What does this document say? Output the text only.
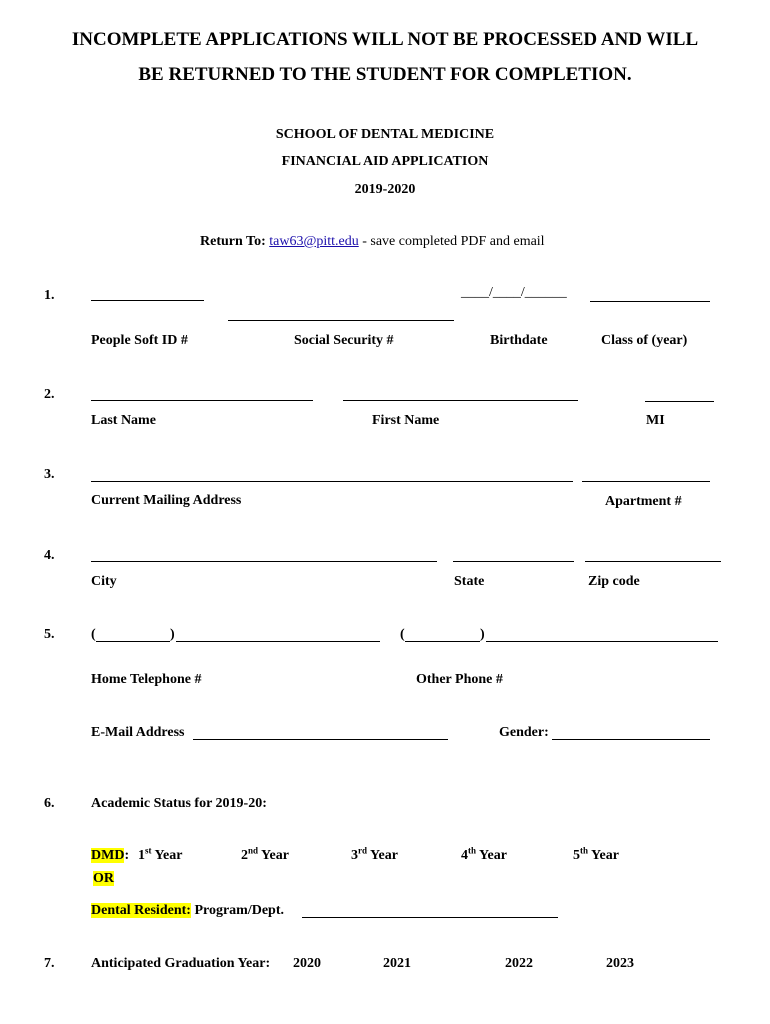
INCOMPLETE APPLICATIONS WILL NOT BE PROCESSED AND WILL
BE RETURNED TO THE STUDENT FOR COMPLETION.
SCHOOL OF DENTAL MEDICINE
FINANCIAL AID APPLICATION
2019-2020
Return To: taw63@pitt.edu - save completed PDF and email
1.	____/____/______
People Soft ID #	Social Security #	Birthdate	Class of (year)
2.
Last Name	First Name	MI
3.
Current Mailing Address	Apartment #
4.
City	State	Zip code
5.	(	)	(	)
Home Telephone #	Other Phone #
E-Mail Address	Gender:
6.	Academic Status for 2019-20:
DMD: 1st Year	2nd Year	3rd Year	4th Year	5th Year
OR
Dental Resident: Program/Dept.
7.	Anticipated Graduation Year: 2020	2021	2022	2023
